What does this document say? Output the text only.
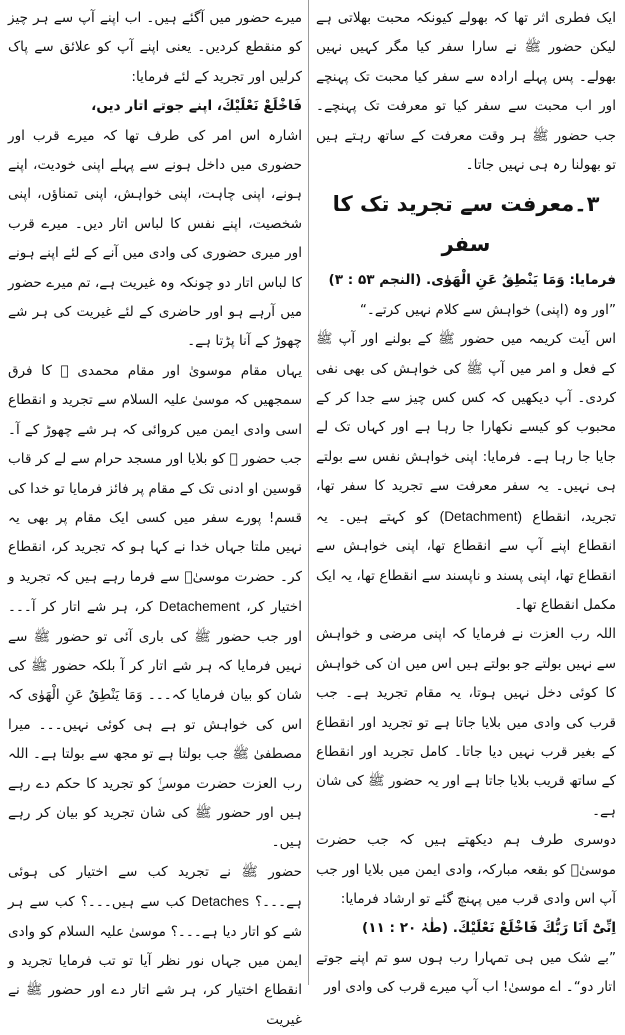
ایک فطری اثر تھا کہ بھولے کیونکہ محبت بھلاتی ہے لیکن حضور ﷺ نے سارا سفر کیا مگر کہیں نہیں بھولے۔ پس پہلے ارادہ سے سفر کیا محبت تک پہنچے اور اب محبت سے سفر کیا تو معرفت تک پہنچے۔ جب حضور ﷺ ہر وقت معرفت کے ساتھ رہتے ہیں تو بھولنا رہ ہی نہیں جاتا۔

۳۔معرفت سے تجرید تک کا سفر

فرمایا: وَمَا يَنْطِقُ عَنِ الْهَوٰى. (النجم ۵۳ : ۳)

”اور وہ (اپنی) خواہش سے کلام نہیں کرتے۔“

اس آیت کریمہ میں حضور ﷺ کے بولنے اور آپ ﷺ کے فعل و امر میں آپ ﷺ کی خواہش کی بھی نفی کردی۔ آپ دیکھیں کہ کس کس چیز سے جدا کر کے محبوب کو کیسے نکھارا جا رہا ہے اور کہاں تک لے جایا جا رہا ہے۔ فرمایا: اپنی خواہش نفس سے بولتے ہی نہیں۔ یہ سفر معرفت سے تجرید کا سفر تھا، تجرید، انقطاع (Detachment) کو کہتے ہیں۔ یہ انقطاع اپنے آپ سے انقطاع تھا، اپنی خواہش سے انقطاع تھا، اپنی پسند و ناپسند سے انقطاع تھا، یہ ایک مکمل انقطاع تھا۔

اللہ رب العزت نے فرمایا کہ اپنی مرضی و خواہش سے نہیں بولتے جو بولتے ہیں اس میں ان کی خواہش کا کوئی دخل نہیں ہوتا، یہ مقام تجرید ہے۔ جب قرب کی وادی میں بلایا جاتا ہے تو تجرید اور انقطاع کے بغیر قرب نہیں دیا جاتا۔ کامل تجرید اور انقطاع کے ساتھ قریب بلایا جاتا ہے اور یہ حضور ﷺ کی شان ہے۔

دوسری طرف ہم دیکھتے ہیں کہ جب حضرت موسیٰؑ کو بقعہ مبارکہ، وادی ایمن میں بلایا اور جب آپ اس وادی قرب میں پہنچ گئے تو ارشاد فرمایا:

اِنِّیْٓ اَنَا رَبُّكَ فَاخْلَعْ نَعْلَيْكَ. (طٰہٰ ۲۰ : ۱۱)

”بے شک میں ہی تمہارا رب ہوں سو تم اپنے جوتے اتار دو“۔ اے موسیٰ! اب آپ میرے قرب کی وادی اور

میرے حضور میں آگئے ہیں۔ اب اپنے آپ سے ہر چیز کو منقطع کردیں۔ یعنی اپنے آپ کو علائق سے پاک کرلیں اور تجرید کے لئے فرمایا:

فَاخْلَعْ نَعْلَيْكَ، اپنے جوتے اتار دیں،

اشارہ اس امر کی طرف تھا کہ میرے قرب اور حضوری میں داخل ہونے سے پہلے اپنی خودیت، اپنے ہونے، اپنی چاہت، اپنی خواہش، اپنی تمناؤں، اپنی شخصیت، اپنے نفس کا لباس اتار دیں۔ میرے قرب اور میری حضوری کی وادی میں آنے کے لئے اپنے ہونے کا لباس اتار دو چونکہ وہ غیریت ہے، تم میرے حضور میں آرہے ہو اور حاضری کے لئے غیریت کی ہر شے چھوڑ کے آنا پڑتا ہے۔

یہاں مقام موسویٰ اور مقام محمدی ﷺ کا فرق سمجھیں کہ موسیٰ علیہ السلام سے تجرید و انقطاع اسی وادی ایمن میں کروائی کہ ہر شے چھوڑ کے آ۔ جب حضور ﷺ کو بلایا اور مسجد حرام سے لے کر قاب قوسین او ادنی تک کے مقام پر فائز فرمایا تو خدا کی قسم! پورے سفر میں کسی ایک مقام پر بھی یہ نہیں ملتا جہاں خدا نے کہا ہو کہ تجرید کر، انقطاع کر۔ حضرت موسیٰؑ سے فرما رہے ہیں کہ تجرید و اختیار کر، Detachement کر، ہر شے اتار کر آ۔۔۔ اور جب حضور ﷺ کی باری آئی تو حضور ﷺ سے نہیں فرمایا کہ ہر شے اتار کر آ بلکہ حضور ﷺ کی شان کو بیان فرمایا کہ۔۔۔ وَمَا يَنْطِقُ عَنِ الْهَوٰى کہ اس کی خواہش تو ہے ہی کوئی نہیں۔۔۔ میرا مصطفیٰ ﷺ جب بولتا ہے تو مجھ سے بولتا ہے۔ اللہ رب العزت حضرت موسیٰؑ کو تجرید کا حکم دے رہے ہیں اور حضور ﷺ کی شان تجرید کو بیان کر رہے ہیں۔

حضور ﷺ نے تجرید کب سے اختیار کی ہوئی ہے۔۔۔؟ Detaches کب سے ہیں۔۔۔؟ کب سے ہر شے کو اتار دیا ہے۔۔۔؟ موسیٰ علیہ السلام کو وادی ایمن میں جہاں نور نظر آیا تو تب فرمایا تجرید و انقطاع اختیار کر، ہر شے اتار دے اور حضور ﷺ نے غیریت
